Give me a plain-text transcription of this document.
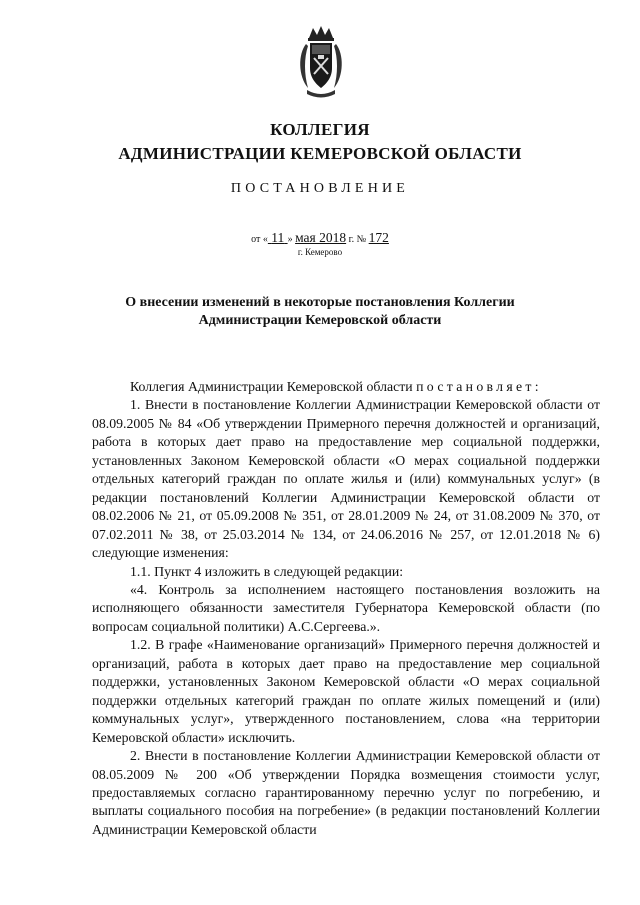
КОЛЛЕГИЯ
АДМИНИСТРАЦИИ КЕМЕРОВСКОЙ ОБЛАСТИ
ПОСТАНОВЛЕНИЕ
от « 11 » мая 2018 г. № 172
г. Кемерово
О внесении изменений в некоторые постановления Коллегии Администрации Кемеровской области

Коллегия Администрации Кемеровской области постановляет:

1. Внести в постановление Коллегии Администрации Кемеровской области от 08.09.2005 № 84 «Об утверждении Примерного перечня должностей и организаций, работа в которых дает право на предоставление мер социальной поддержки, установленных Законом Кемеровской области «О мерах социальной поддержки отдельных категорий граждан по оплате жилья и (или) коммунальных услуг» (в редакции постановлений Коллегии Администрации Кемеровской области от 08.02.2006 № 21, от 05.09.2008 № 351, от 28.01.2009 № 24, от 31.08.2009 № 370, от 07.02.2011 № 38, от 25.03.2014 № 134, от 24.06.2016 № 257, от 12.01.2018 № 6) следующие изменения:

1.1. Пункт 4 изложить в следующей редакции:

«4. Контроль за исполнением настоящего постановления возложить на исполняющего обязанности заместителя Губернатора Кемеровской области (по вопросам социальной политики) А.С.Сергеева.».

1.2. В графе «Наименование организаций» Примерного перечня должностей и организаций, работа в которых дает право на предоставление мер социальной поддержки, установленных Законом Кемеровской области «О мерах социальной поддержки отдельных категорий граждан по оплате жилых помещений и (или) коммунальных услуг», утвержденного постановлением, слова «на территории Кемеровской области» исключить.

2. Внести в постановление Коллегии Администрации Кемеровской области от 08.05.2009 № 200 «Об утверждении Порядка возмещения стоимости услуг, предоставляемых согласно гарантированному перечню услуг по погребению, и выплаты социального пособия на погребение» (в редакции постановлений Коллегии Администрации Кемеровской области
